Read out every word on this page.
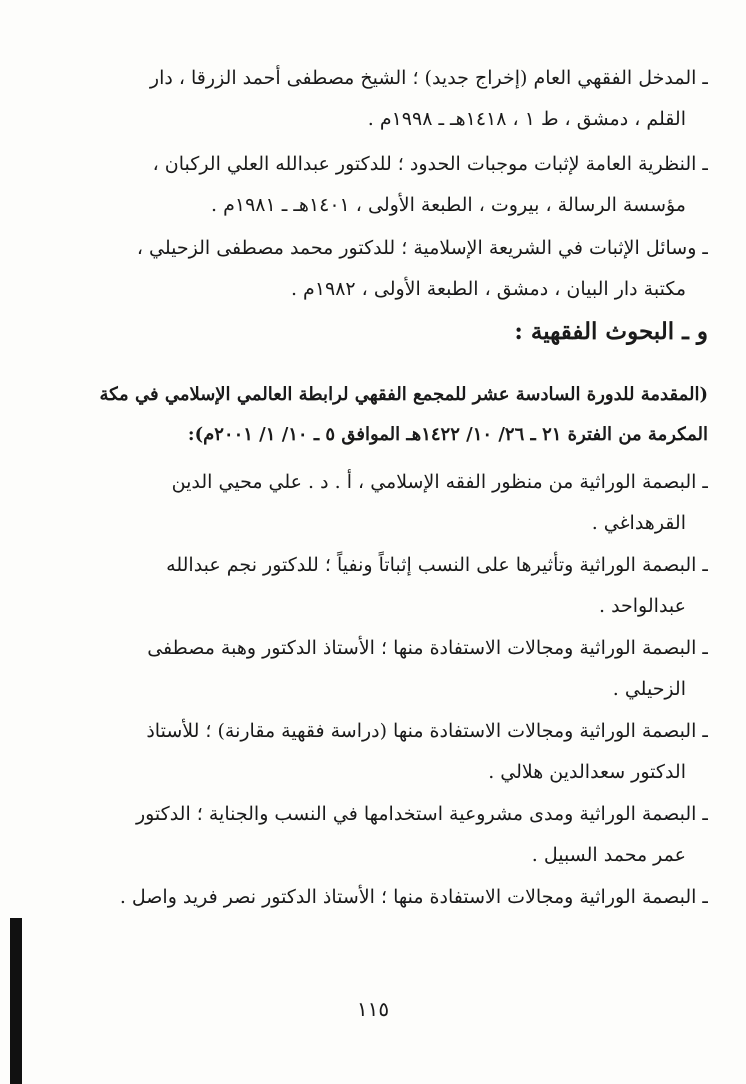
ـ المدخل الفقهي العام (إخراج جديد) ؛ الشيخ مصطفى أحمد الزرقا ، دار
القلم ، دمشق ، ط ١ ، ١٤١٨هـ ـ ١٩٩٨م .
ـ النظرية العامة لإثبات موجبات الحدود ؛ للدكتور عبدالله العلي الركبان ،
مؤسسة الرسالة ، بيروت ، الطبعة الأولى ، ١٤٠١هـ ـ ١٩٨١م .
ـ وسائل الإثبات في الشريعة الإسلامية ؛ للدكتور محمد مصطفى الزحيلي ،
مكتبة دار البيان ، دمشق ، الطبعة الأولى ، ١٩٨٢م .
و ـ البحوث الفقهية :
(المقدمة للدورة السادسة عشر للمجمع الفقهي لرابطة العالمي الإسلامي في مكة
المكرمة من الفترة ٢١ ـ ٢٦/ ١٠/ ١٤٢٢هـ الموافق ٥ ـ ١٠/ ١/ ٢٠٠١م):
ـ البصمة الوراثية من منظور الفقه الإسلامي ، أ . د . علي محيي الدين
القرهداغي .
ـ البصمة الوراثية وتأثيرها على النسب إثباتاً ونفياً ؛ للدكتور نجم عبدالله
عبدالواحد .
ـ البصمة الوراثية ومجالات الاستفادة منها ؛ الأستاذ الدكتور وهبة مصطفى
الزحيلي .
ـ البصمة الوراثية ومجالات الاستفادة منها (دراسة فقهية مقارنة) ؛ للأستاذ
الدكتور سعدالدين هلالي .
ـ البصمة الوراثية ومدى مشروعية استخدامها في النسب والجناية ؛ الدكتور
عمر محمد السبيل .
ـ البصمة الوراثية ومجالات الاستفادة منها ؛ الأستاذ الدكتور نصر فريد واصل .
١١٥
